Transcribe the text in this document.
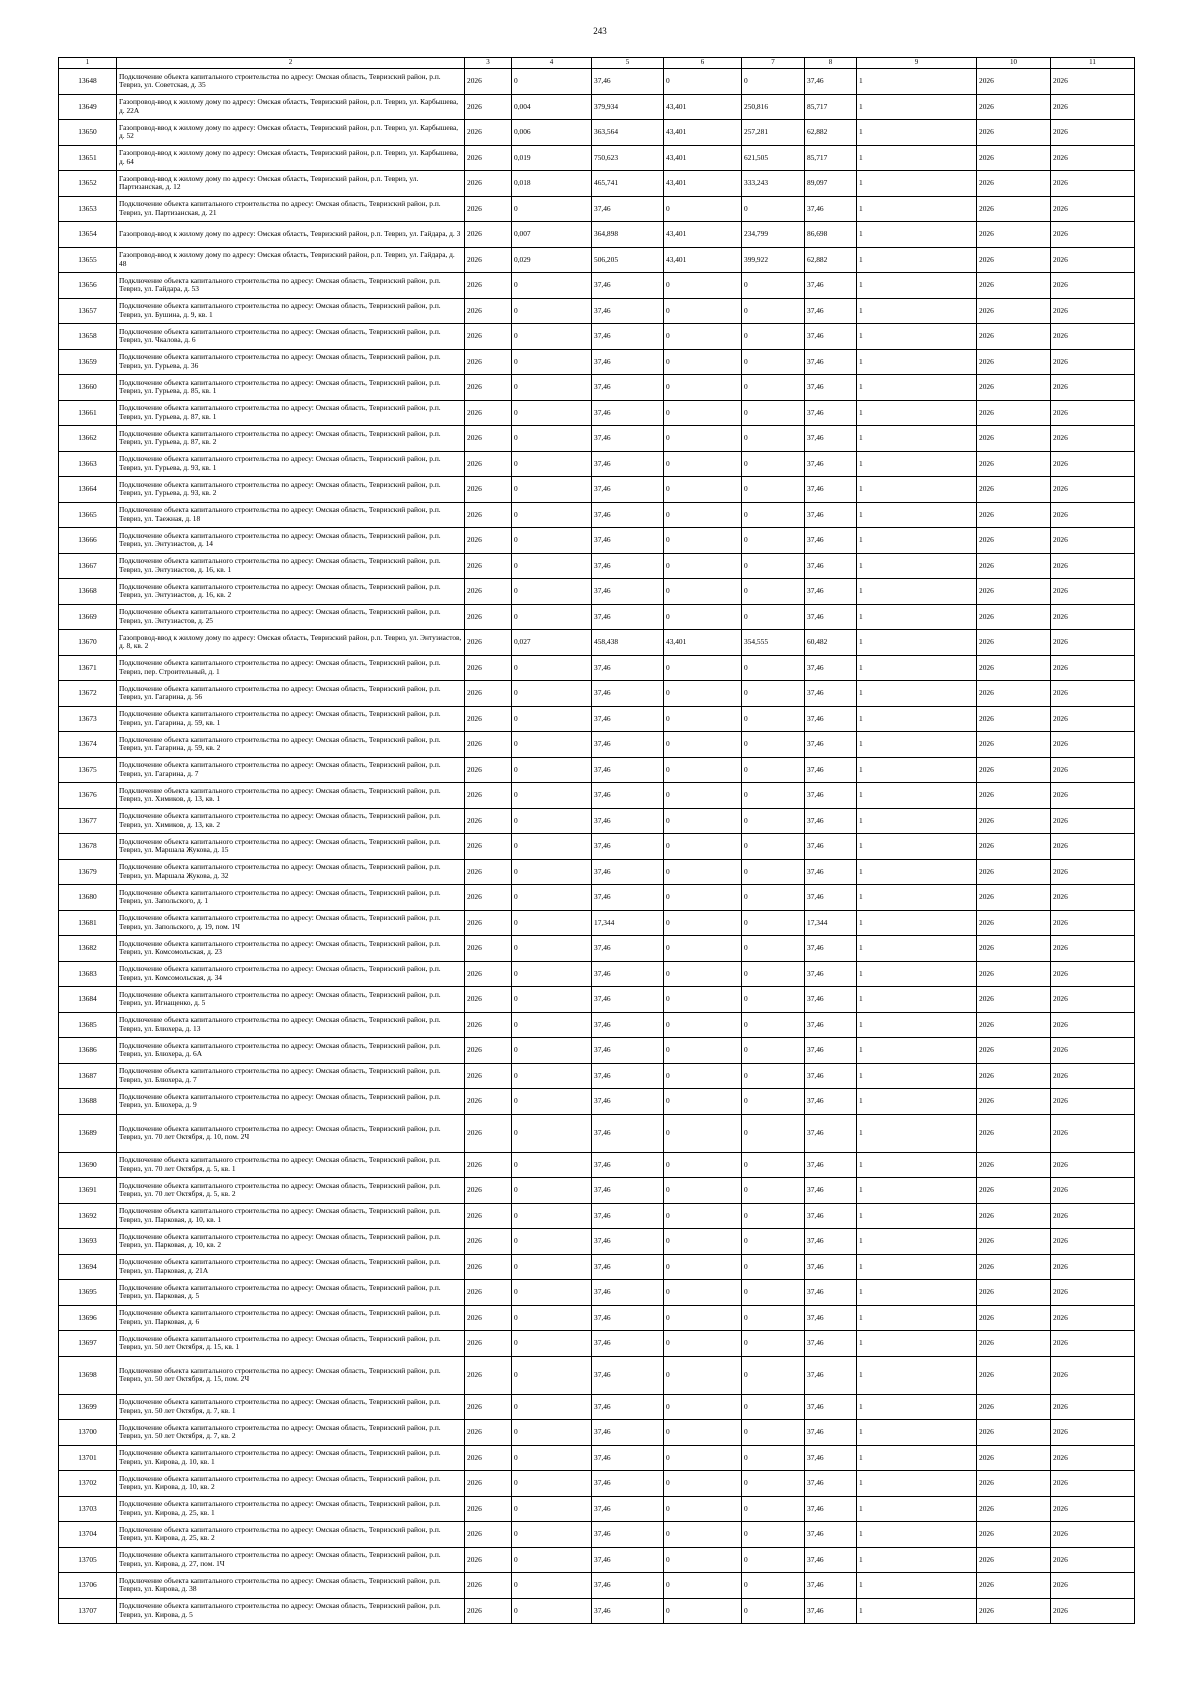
243
1	2	3	4	5	6	7	8	9	10	11
13648	Подключение объекта капитального строительства по адресу: Омская область, Тевризский район, р.п. Тевриз, ул. Советская, д. 35	2026	0	37,46	0	0	37,46	1	2026	2026
13649	Газопровод-ввод к жилому дому по адресу: Омская область, Тевризский район, р.п. Тевриз, ул. Карбышева, д. 22А	2026	0,004	379,934	43,401	250,816	85,717	1	2026	2026
13650	Газопровод-ввод к жилому дому по адресу: Омская область, Тевризский район, р.п. Тевриз, ул. Карбышева, д. 52	2026	0,006	363,564	43,401	257,281	62,882	1	2026	2026
13651	Газопровод-ввод к жилому дому по адресу: Омская область, Тевризский район, р.п. Тевриз, ул. Карбышева, д. 64	2026	0,019	750,623	43,401	621,505	85,717	1	2026	2026
13652	Газопровод-ввод к жилому дому по адресу: Омская область, Тевризский район, р.п. Тевриз, ул. Партизанская, д. 12	2026	0,018	465,741	43,401	333,243	89,097	1	2026	2026
13653	Подключение объекта капитального строительства по адресу: Омская область, Тевризский район, р.п. Тевриз, ул. Партизанская, д. 21	2026	0	37,46	0	0	37,46	1	2026	2026
13654	Газопровод-ввод к жилому дому по адресу: Омская область, Тевризский район, р.п. Тевриз, ул. Гайдара, д. 3	2026	0,007	364,898	43,401	234,799	86,698	1	2026	2026
13655	Газопровод-ввод к жилому дому по адресу: Омская область, Тевризский район, р.п. Тевриз, ул. Гайдара, д. 48	2026	0,029	506,205	43,401	399,922	62,882	1	2026	2026
13656	Подключение объекта капитального строительства по адресу: Омская область, Тевризский район, р.п. Тевриз, ул. Гайдара, д. 53	2026	0	37,46	0	0	37,46	1	2026	2026
13657	Подключение объекта капитального строительства по адресу: Омская область, Тевризский район, р.п. Тевриз, ул. Бушина, д. 9, кв. 1	2026	0	37,46	0	0	37,46	1	2026	2026
13658	Подключение объекта капитального строительства по адресу: Омская область, Тевризский район, р.п. Тевриз, ул. Чкалова, д. 6	2026	0	37,46	0	0	37,46	1	2026	2026
13659	Подключение объекта капитального строительства по адресу: Омская область, Тевризский район, р.п. Тевриз, ул. Гурьева, д. 36	2026	0	37,46	0	0	37,46	1	2026	2026
13660	Подключение объекта капитального строительства по адресу: Омская область, Тевризский район, р.п. Тевриз, ул. Гурьева, д. 85, кв. 1	2026	0	37,46	0	0	37,46	1	2026	2026
13661	Подключение объекта капитального строительства по адресу: Омская область, Тевризский район, р.п. Тевриз, ул. Гурьева, д. 87, кв. 1	2026	0	37,46	0	0	37,46	1	2026	2026
13662	Подключение объекта капитального строительства по адресу: Омская область, Тевризский район, р.п. Тевриз, ул. Гурьева, д. 87, кв. 2	2026	0	37,46	0	0	37,46	1	2026	2026
13663	Подключение объекта капитального строительства по адресу: Омская область, Тевризский район, р.п. Тевриз, ул. Гурьева, д. 93, кв. 1	2026	0	37,46	0	0	37,46	1	2026	2026
13664	Подключение объекта капитального строительства по адресу: Омская область, Тевризский район, р.п. Тевриз, ул. Гурьева, д. 93, кв. 2	2026	0	37,46	0	0	37,46	1	2026	2026
13665	Подключение объекта капитального строительства по адресу: Омская область, Тевризский район, р.п. Тевриз, ул. Таежная, д. 18	2026	0	37,46	0	0	37,46	1	2026	2026
13666	Подключение объекта капитального строительства по адресу: Омская область, Тевризский район, р.п. Тевриз, ул. Энтузиастов, д. 14	2026	0	37,46	0	0	37,46	1	2026	2026
13667	Подключение объекта капитального строительства по адресу: Омская область, Тевризский район, р.п. Тевриз, ул. Энтузиастов, д. 16, кв. 1	2026	0	37,46	0	0	37,46	1	2026	2026
13668	Подключение объекта капитального строительства по адресу: Омская область, Тевризский район, р.п. Тевриз, ул. Энтузиастов, д. 16, кв. 2	2026	0	37,46	0	0	37,46	1	2026	2026
13669	Подключение объекта капитального строительства по адресу: Омская область, Тевризский район, р.п. Тевриз, ул. Энтузиастов, д. 25	2026	0	37,46	0	0	37,46	1	2026	2026
13670	Газопровод-ввод к жилому дому по адресу: Омская область, Тевризский район, р.п. Тевриз, ул. Энтузиастов, д. 8, кв. 2	2026	0,027	458,438	43,401	354,555	60,482	1	2026	2026
13671	Подключение объекта капитального строительства по адресу: Омская область, Тевризский район, р.п. Тевриз, пер. Строительный, д. 1	2026	0	37,46	0	0	37,46	1	2026	2026
13672	Подключение объекта капитального строительства по адресу: Омская область, Тевризский район, р.п. Тевриз, ул. Гагарина, д. 56	2026	0	37,46	0	0	37,46	1	2026	2026
13673	Подключение объекта капитального строительства по адресу: Омская область, Тевризский район, р.п. Тевриз, ул. Гагарина, д. 59, кв. 1	2026	0	37,46	0	0	37,46	1	2026	2026
13674	Подключение объекта капитального строительства по адресу: Омская область, Тевризский район, р.п. Тевриз, ул. Гагарина, д. 59, кв. 2	2026	0	37,46	0	0	37,46	1	2026	2026
13675	Подключение объекта капитального строительства по адресу: Омская область, Тевризский район, р.п. Тевриз, ул. Гагарина, д. 7	2026	0	37,46	0	0	37,46	1	2026	2026
13676	Подключение объекта капитального строительства по адресу: Омская область, Тевризский район, р.п. Тевриз, ул. Химиков, д. 13, кв. 1	2026	0	37,46	0	0	37,46	1	2026	2026
13677	Подключение объекта капитального строительства по адресу: Омская область, Тевризский район, р.п. Тевриз, ул. Химиков, д. 13, кв. 2	2026	0	37,46	0	0	37,46	1	2026	2026
13678	Подключение объекта капитального строительства по адресу: Омская область, Тевризский район, р.п. Тевриз, ул. Маршала Жукова, д. 15	2026	0	37,46	0	0	37,46	1	2026	2026
13679	Подключение объекта капитального строительства по адресу: Омская область, Тевризский район, р.п. Тевриз, ул. Маршала Жукова, д. 32	2026	0	37,46	0	0	37,46	1	2026	2026
13680	Подключение объекта капитального строительства по адресу: Омская область, Тевризский район, р.п. Тевриз, ул. Запольского, д. 1	2026	0	37,46	0	0	37,46	1	2026	2026
13681	Подключение объекта капитального строительства по адресу: Омская область, Тевризский район, р.п. Тевриз, ул. Запольского, д. 19, пом. 1Ч	2026	0	17,344	0	0	17,344	1	2026	2026
13682	Подключение объекта капитального строительства по адресу: Омская область, Тевризский район, р.п. Тевриз, ул. Комсомольская, д. 23	2026	0	37,46	0	0	37,46	1	2026	2026
13683	Подключение объекта капитального строительства по адресу: Омская область, Тевризский район, р.п. Тевриз, ул. Комсомольская, д. 34	2026	0	37,46	0	0	37,46	1	2026	2026
13684	Подключение объекта капитального строительства по адресу: Омская область, Тевризский район, р.п. Тевриз, ул. Игнащенко, д. 5	2026	0	37,46	0	0	37,46	1	2026	2026
13685	Подключение объекта капитального строительства по адресу: Омская область, Тевризский район, р.п. Тевриз, ул. Блюхера, д. 13	2026	0	37,46	0	0	37,46	1	2026	2026
13686	Подключение объекта капитального строительства по адресу: Омская область, Тевризский район, р.п. Тевриз, ул. Блюхера, д. 6А	2026	0	37,46	0	0	37,46	1	2026	2026
13687	Подключение объекта капитального строительства по адресу: Омская область, Тевризский район, р.п. Тевриз, ул. Блюхера, д. 7	2026	0	37,46	0	0	37,46	1	2026	2026
13688	Подключение объекта капитального строительства по адресу: Омская область, Тевризский район, р.п. Тевриз, ул. Блюхера, д. 9	2026	0	37,46	0	0	37,46	1	2026	2026
13689	Подключение объекта капитального строительства по адресу: Омская область, Тевризский район, р.п. Тевриз, ул. 70 лет Октября, д. 10, пом. 2Ч	2026	0	37,46	0	0	37,46	1	2026	2026
13690	Подключение объекта капитального строительства по адресу: Омская область, Тевризский район, р.п. Тевриз, ул. 70 лет Октября, д. 5, кв. 1	2026	0	37,46	0	0	37,46	1	2026	2026
13691	Подключение объекта капитального строительства по адресу: Омская область, Тевризский район, р.п. Тевриз, ул. 70 лет Октября, д. 5, кв. 2	2026	0	37,46	0	0	37,46	1	2026	2026
13692	Подключение объекта капитального строительства по адресу: Омская область, Тевризский район, р.п. Тевриз, ул. Парковая, д. 10, кв. 1	2026	0	37,46	0	0	37,46	1	2026	2026
13693	Подключение объекта капитального строительства по адресу: Омская область, Тевризский район, р.п. Тевриз, ул. Парковая, д. 10, кв. 2	2026	0	37,46	0	0	37,46	1	2026	2026
13694	Подключение объекта капитального строительства по адресу: Омская область, Тевризский район, р.п. Тевриз, ул. Парковая, д. 21А	2026	0	37,46	0	0	37,46	1	2026	2026
13695	Подключение объекта капитального строительства по адресу: Омская область, Тевризский район, р.п. Тевриз, ул. Парковая, д. 5	2026	0	37,46	0	0	37,46	1	2026	2026
13696	Подключение объекта капитального строительства по адресу: Омская область, Тевризский район, р.п. Тевриз, ул. Парковая, д. 6	2026	0	37,46	0	0	37,46	1	2026	2026
13697	Подключение объекта капитального строительства по адресу: Омская область, Тевризский район, р.п. Тевриз, ул. 50 лет Октября, д. 15, кв. 1	2026	0	37,46	0	0	37,46	1	2026	2026
13698	Подключение объекта капитального строительства по адресу: Омская область, Тевризский район, р.п. Тевриз, ул. 50 лет Октября, д. 15, пом. 2Ч	2026	0	37,46	0	0	37,46	1	2026	2026
13699	Подключение объекта капитального строительства по адресу: Омская область, Тевризский район, р.п. Тевриз, ул. 50 лет Октября, д. 7, кв. 1	2026	0	37,46	0	0	37,46	1	2026	2026
13700	Подключение объекта капитального строительства по адресу: Омская область, Тевризский район, р.п. Тевриз, ул. 50 лет Октября, д. 7, кв. 2	2026	0	37,46	0	0	37,46	1	2026	2026
13701	Подключение объекта капитального строительства по адресу: Омская область, Тевризский район, р.п. Тевриз, ул. Кирова, д. 10, кв. 1	2026	0	37,46	0	0	37,46	1	2026	2026
13702	Подключение объекта капитального строительства по адресу: Омская область, Тевризский район, р.п. Тевриз, ул. Кирова, д. 10, кв. 2	2026	0	37,46	0	0	37,46	1	2026	2026
13703	Подключение объекта капитального строительства по адресу: Омская область, Тевризский район, р.п. Тевриз, ул. Кирова, д. 25, кв. 1	2026	0	37,46	0	0	37,46	1	2026	2026
13704	Подключение объекта капитального строительства по адресу: Омская область, Тевризский район, р.п. Тевриз, ул. Кирова, д. 25, кв. 2	2026	0	37,46	0	0	37,46	1	2026	2026
13705	Подключение объекта капитального строительства по адресу: Омская область, Тевризский район, р.п. Тевриз, ул. Кирова, д. 27, пом. 1Ч	2026	0	37,46	0	0	37,46	1	2026	2026
13706	Подключение объекта капитального строительства по адресу: Омская область, Тевризский район, р.п. Тевриз, ул. Кирова, д. 38	2026	0	37,46	0	0	37,46	1	2026	2026
13707	Подключение объекта капитального строительства по адресу: Омская область, Тевризский район, р.п. Тевриз, ул. Кирова, д. 5	2026	0	37,46	0	0	37,46	1	2026	2026
